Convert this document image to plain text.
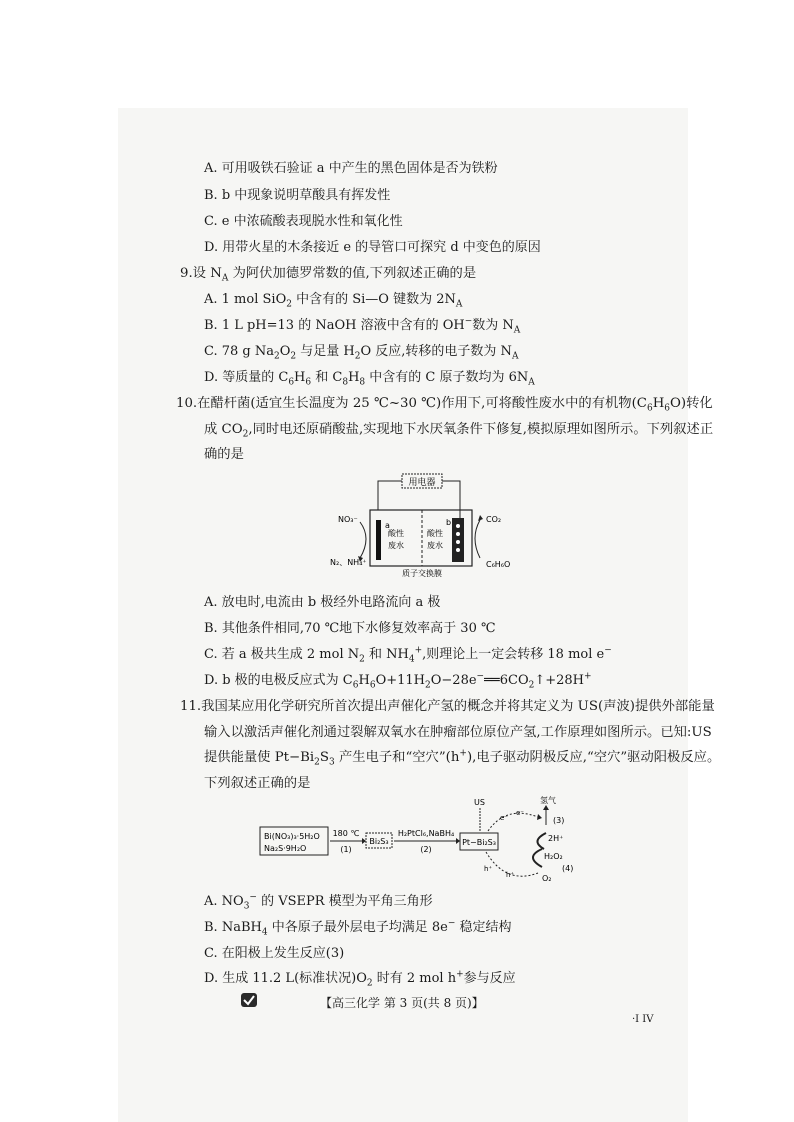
A. 可用吸铁石验证 a 中产生的黑色固体是否为铁粉
B. b 中现象说明草酸具有挥发性
C. e 中浓硫酸表现脱水性和氧化性
D. 用带火星的木条接近 e 的导管口可探究 d 中变色的原因
9.设 $N_A$ 为阿伏加德罗常数的值,下列叙述正确的是
A. 1 mol SiO$_2$ 中含有的 Si—O 键数为 $2N_A$
B. 1 L pH=13 的 NaOH 溶液中含有的 OH−数为 $N_A$
C. 78 g $Na_2O_2$ 与足量 $H_2O$ 反应,转移的电子数为 $N_A$
D. 等质量的 $C_6H_6$ 和 $C_8H_8$ 中含有的 C 原子数均为 $6N_A$
10.在醋杆菌(适宜生长温度为 25 ℃~30 ℃)作用下,可将酸性废水中的有机物$(C_6H_6O)$转化
成 $CO_2$,同时电还原硝酸盐,实现地下水厌氧条件下修复,模拟原理如图所示。下列叙述正
确的是
用电器
a	b
酸性
废水
酸性
废水
NO₃⁻
N₂、NH₄⁺
CO₂
C₆H₆O
质子交换膜
A. 放电时,电流由 b 极经外电路流向 a 极
B. 其他条件相同,70 ℃地下水修复效率高于 30 ℃
C. 若 a 极共生成 2 mol $N_2$ 和 $NH_4^+$,则理论上一定会转移 18 mol e−
D. b 极的电极反应式为 $C_6H_6O+11H_2O-28e^-══6CO_2↑+28H^+$
11.我国某应用化学研究所首次提出声催化产氢的概念并将其定义为 US(声波)提供外部能量
输入以激活声催化剂通过裂解双氧水在肿瘤部位原位产氢,工作原理如图所示。已知:US
提供能量使 $Pt-Bi_2S_3$ 产生电子和“空穴”(h+),电子驱动阴极反应,“空穴”驱动阳极反应。
下列叙述正确的是
Bi(NO₃)₃·5H₂O
Na₂S·9H₂O
180 ℃
(1)
Bi₂S₃
H₂PtCl₆,NaBH₄
(2)
Pt−Bi₂S₃
US
e⁻
e⁻
h⁺
h⁺
氢气
(3)
2H⁺
H₂O₂
(4)
O₂
A. $NO_3^-$ 的 VSEPR 模型为平角三角形
B. NaBH$_4$ 中各原子最外层电子均满足 8e− 稳定结构
C. 在阳极上发生反应(3)
D. 生成 11.2 L(标准状况)$O_2$ 时有 2 mol h+参与反应
【高三化学 第 3 页(共 8 页)】
·I IV
